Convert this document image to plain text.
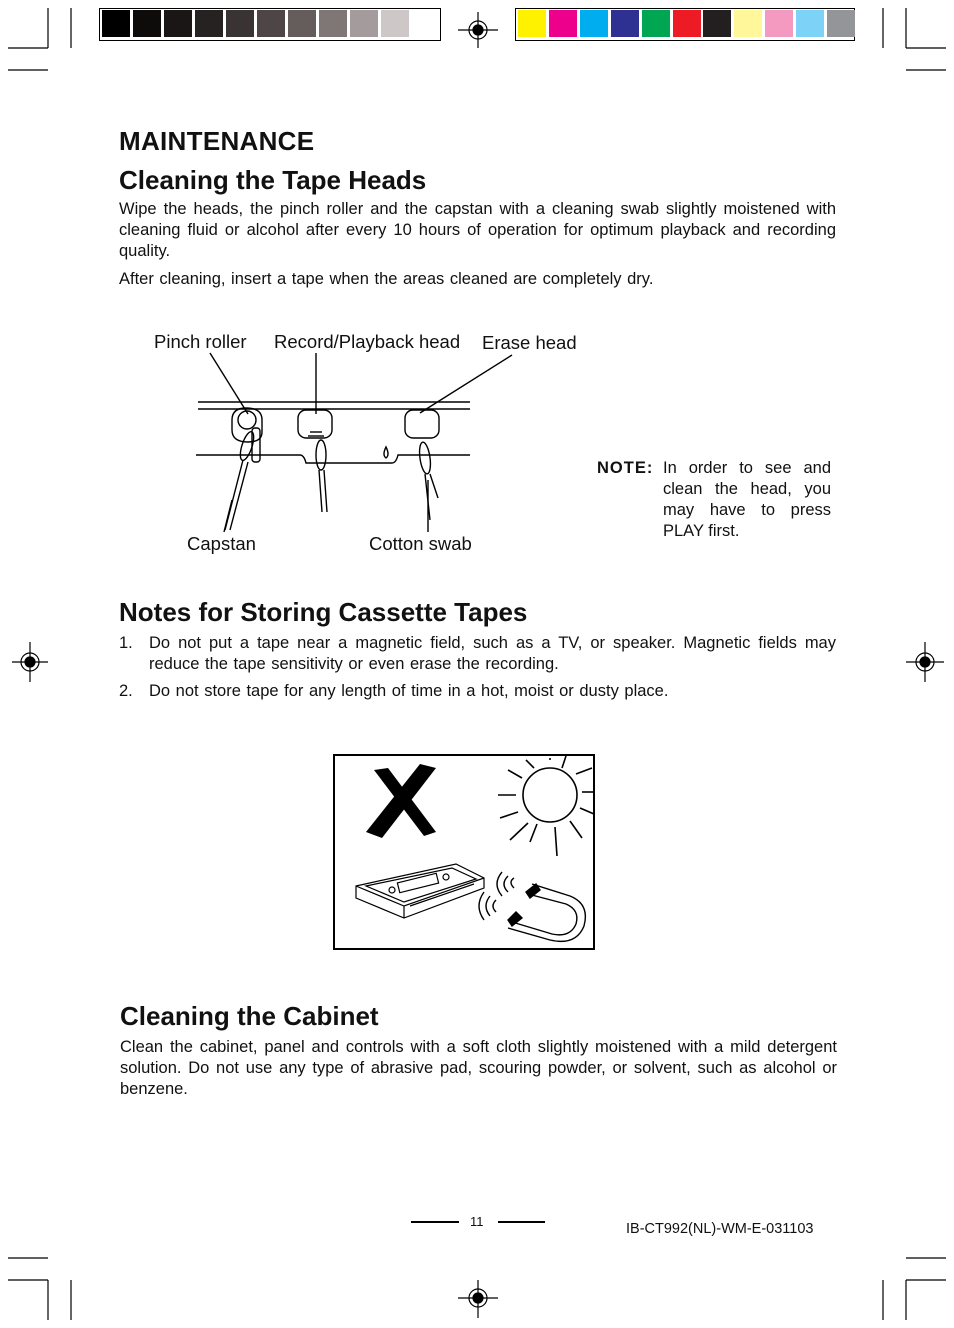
MAINTENANCE
Cleaning the Tape Heads
Wipe the heads, the pinch roller and the capstan with a cleaning swab slightly moistened with cleaning fluid or alcohol after every 10 hours of operation for optimum playback and recording quality.
After cleaning, insert a tape when the areas cleaned are completely dry.
Pinch roller Record/Playback head Erase head
Capstan	Cotton swab
NOTE: In order to see and
clean the head, you
may have to press
PLAY first.
Notes for Storing Cassette Tapes
1. Do not put a tape near a magnetic field, such as a TV, or speaker. Magnetic fields may reduce the tape sensitivity or even erase the recording.
2. Do not store tape for any length of time in a hot, moist or dusty place.
Cleaning the Cabinet
Clean the cabinet, panel and controls with a soft cloth slightly moistened with a mild detergent solution. Do not use any type of abrasive pad, scouring powder, or solvent, such as alcohol or benzene.
11	IB-CT992(NL)-WM-E-031103
